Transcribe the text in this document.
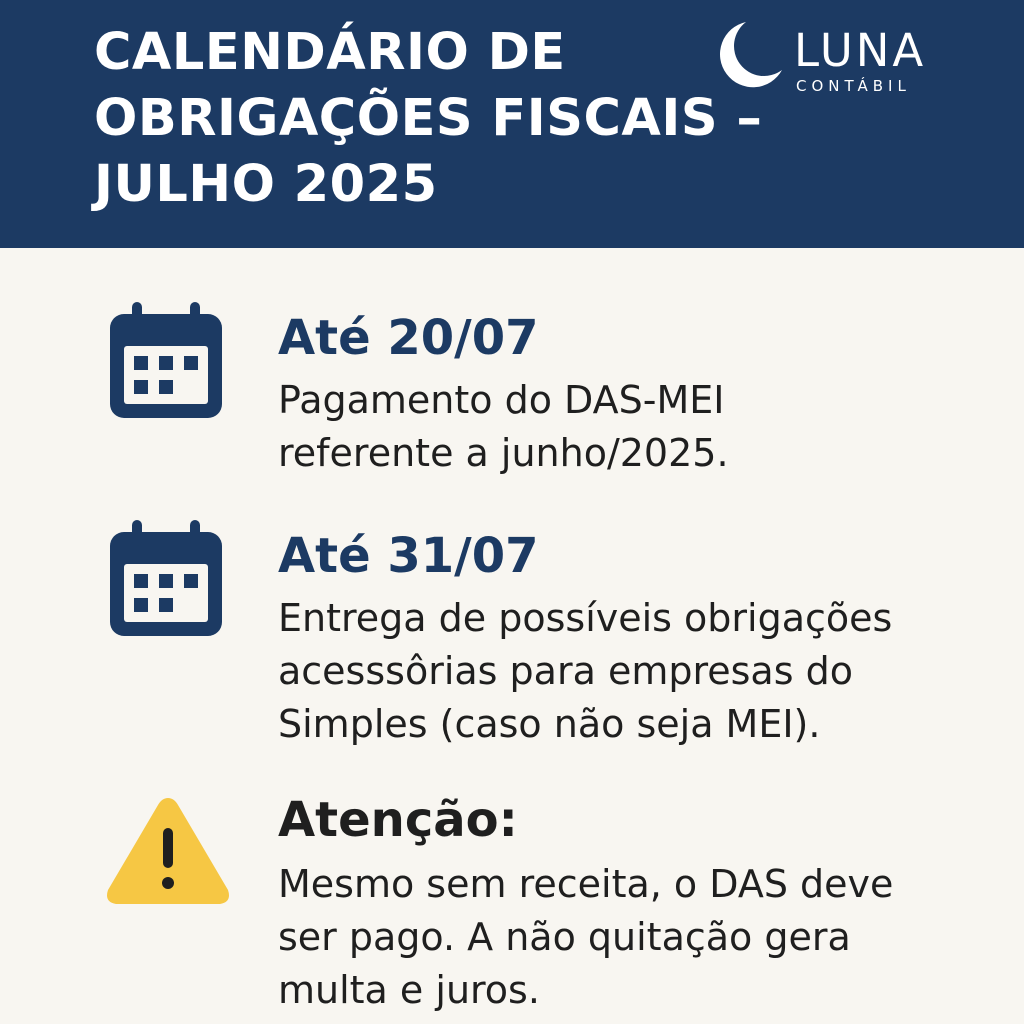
CALENDÁRIO DE
OBRIGAÇÕES FISCAIS –
JULHO 2025
LUNA
CONTÁBIL
Até 20/07

Pagamento do DAS-MEI
referente a junho/2025.

Até 31/07

Entrega de possíveis obrigações
acesssôrias para empresas do
Simples (caso não seja MEI).

Atenção:

Mesmo sem receita, o DAS deve
ser pago. A não quitação gera
multa e juros.
